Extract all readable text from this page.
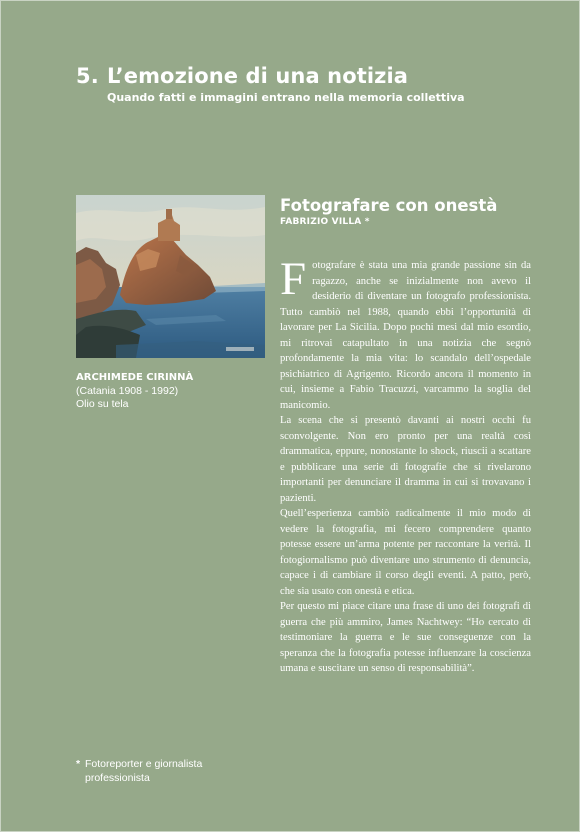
5. L’emozione di una notizia
Quando fatti e immagini entrano nella memoria collettiva
ARCHIMEDE CIRINNÀ
(Catania 1908 - 1992)
Olio su tela
Fotografare con onestà
FABRIZIO VILLA *

Fotografare è stata una mia grande passione sin da ragazzo, anche se inizialmente non avevo il desiderio di diventare un fotografo professionista. Tutto cambiò nel 1988, quando ebbi l’opportunità di lavorare per La Sicilia. Dopo pochi mesi dal mio esordio, mi ritrovai catapultato in una notizia che segnò profondamente la mia vita: lo scandalo dell’ospedale psichiatrico di Agrigento. Ricordo ancora il momento in cui, insieme a Fabio Tracuzzi, varcammo la soglia del manicomio.

La scena che si presentò davanti ai nostri occhi fu sconvolgente. Non ero pronto per una realtà così drammatica, eppure, nonostante lo shock, riuscii a scattare e pubblicare una serie di fotografie che si rivelarono importanti per denunciare il dramma in cui si trovavano i pazienti.

Quell’esperienza cambiò radicalmente il mio modo di vedere la fotografia, mi fecero comprendere quanto potesse essere un’arma potente per raccontare la verità. Il fotogiornalismo può diventare uno strumento di denuncia, capace i di cambiare il corso degli eventi. A patto, però, che sia usato con onestà e etica.

Per questo mi piace citare una frase di uno dei fotografi di guerra che più ammiro, James Nachtwey: “Ho cercato di testimoniare la guerra e le sue conseguenze con la speranza che la fotografia potesse influenzare la coscienza umana e suscitare un senso di responsabilità”.

* Fotoreporter e giornalista
professionista
